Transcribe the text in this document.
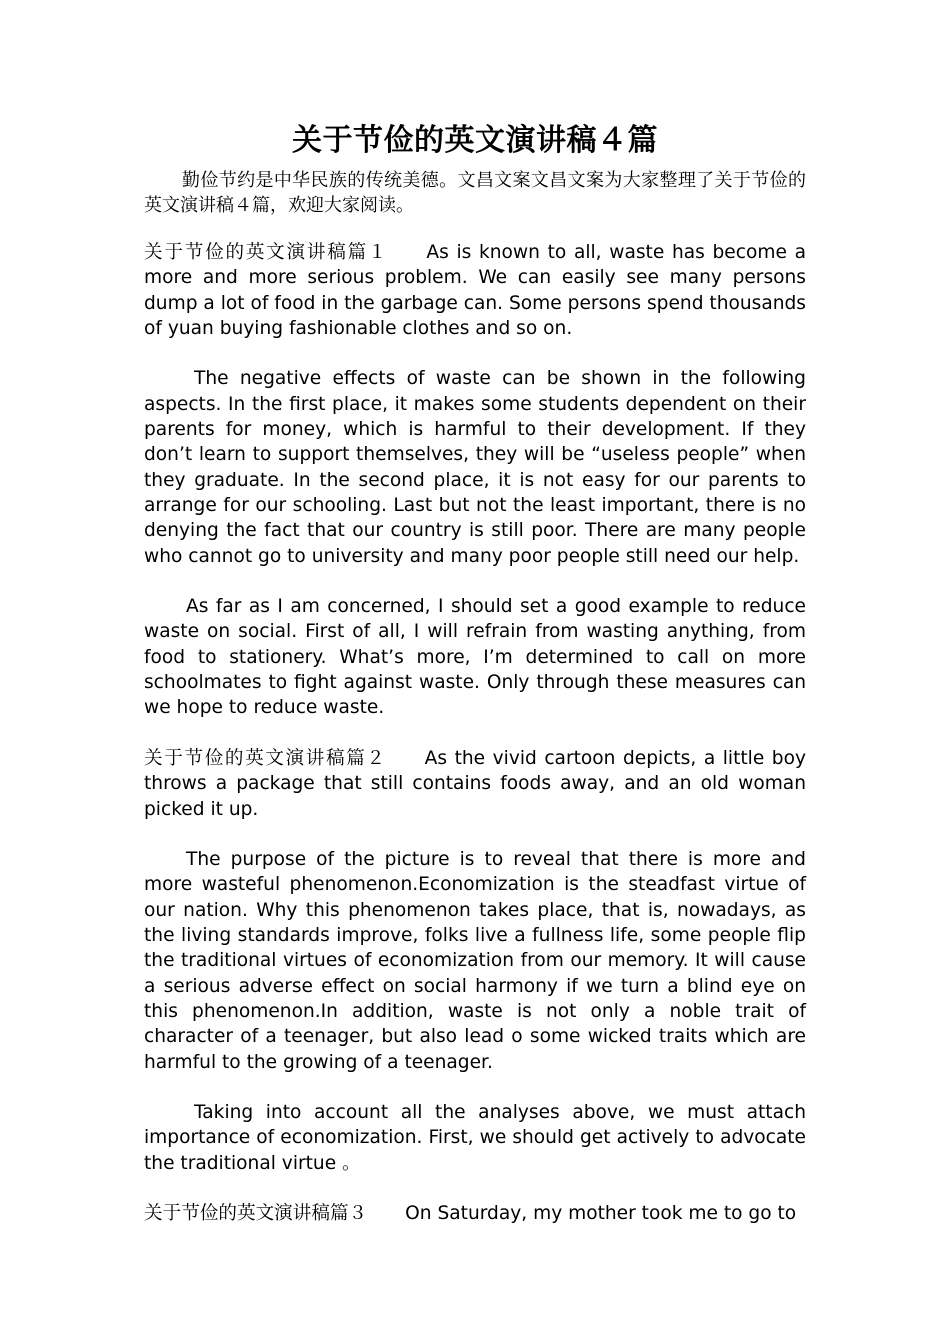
关于节俭的英文演讲稿４篇

勤俭节约是中华民族的传统美德。文昌文案文昌文案为大家整理了关于节俭的英文演讲稿４篇，欢迎大家阅读。

关于节俭的英文演讲稿篇１ As is known to all, waste has become a more and more serious problem. We can easily see many persons dump a lot of food in the garbage can. Some persons spend thousands of yuan buying fashionable clothes and so on.

The negative effects of waste can be shown in the following aspects. In the first place, it makes some students dependent on their parents for money, which is harmful to their development. If they don’t learn to support themselves, they will be “useless people” when they graduate. In the second place, it is not easy for our parents to arrange for our schooling. Last but not the least important, there is no denying the fact that our country is still poor. There are many people who cannot go to university and many poor people still need our help.

As far as I am concerned, I should set a good example to reduce waste on social. First of all, I will refrain from wasting anything, from food to stationery. What’s more, I’m determined to call on more schoolmates to fight against waste. Only through these measures can we hope to reduce waste.

关于节俭的英文演讲稿篇２ As the vivid cartoon depicts, a little boy throws a package that still contains foods away, and an old woman picked it up.

The purpose of the picture is to reveal that there is more and more wasteful phenomenon.Economization is the steadfast virtue of our nation. Why this phenomenon takes place, that is, nowadays, as the living standards improve, folks live a fullness life, some people flip the traditional virtues of economization from our memory. It will cause a serious adverse effect on social harmony if we turn a blind eye on this phenomenon.In addition, waste is not only a noble trait of character of a teenager, but also lead o some wicked traits which are harmful to the growing of a teenager.

Taking into account all the analyses above, we must attach importance of economization. First, we should get actively to advocate the traditional virtue 。

关于节俭的英文演讲稿篇３ On Saturday, my mother took me to go to
